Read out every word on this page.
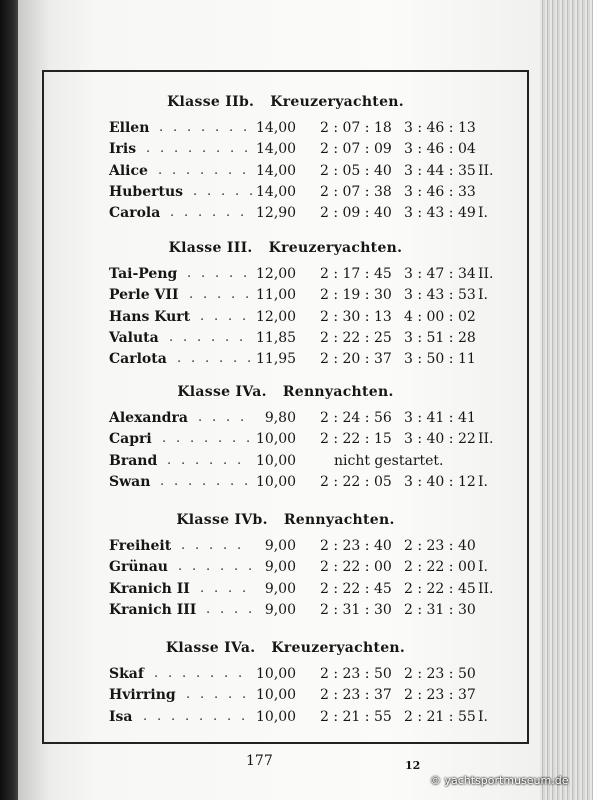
Klasse IIb. Kreuzeryachten.
Ellen . . . . . . . 14,00 2 : 07 : 18 3 : 46 : 13
Iris . . . . . . . . 14,00 2 : 07 : 09 3 : 46 : 04
Alice . . . . . . . 14,00 2 : 05 : 40 3 : 44 : 35 II.
Hubertus . . . . . 14,00 2 : 07 : 38 3 : 46 : 33
Carola . . . . . . 12,90 2 : 09 : 40 3 : 43 : 49 I.
Klasse III. Kreuzeryachten.
Tai-Peng . . . . . 12,00 2 : 17 : 45 3 : 47 : 34 II.
Perle VII . . . . . 11,00 2 : 19 : 30 3 : 43 : 53 I.
Hans Kurt . . . . 12,00 2 : 30 : 13 4 : 00 : 02
Valuta . . . . . . 11,85 2 : 22 : 25 3 : 51 : 28
Carlota . . . . . . 11,95 2 : 20 : 37 3 : 50 : 11
Klasse IVa. Rennyachten.
Alexandra . . . .	9,80 2 : 24 : 56 3 : 41 : 41
Capri . . . . . . . 10,00 2 : 22 : 15 3 : 40 : 22 II.
Brand . . . . . . 10,00	nicht gestartet.
Swan . . . . . . . 10,00 2 : 22 : 05 3 : 40 : 12 I.
Klasse IVb. Rennyachten.
Freiheit . . . . .	9,00 2 : 23 : 40 2 : 23 : 40
Grünau . . . . . . 9,00 2 : 22 : 00 2 : 22 : 00 I.
Kranich II . . . .	9,00 2 : 22 : 45 2 : 22 : 45 II.
Kranich III . . . . 9,00 2 : 31 : 30 2 : 31 : 30
Klasse IVa. Kreuzeryachten.
Skaf . . . . . . . 10,00 2 : 23 : 50 2 : 23 : 50
Hvirring . . . . . 10,00 2 : 23 : 37 2 : 23 : 37
Isa . . . . . . . . 10,00 2 : 21 : 55 2 : 21 : 55 I.
177	12
© yachtsportmuseum.de
